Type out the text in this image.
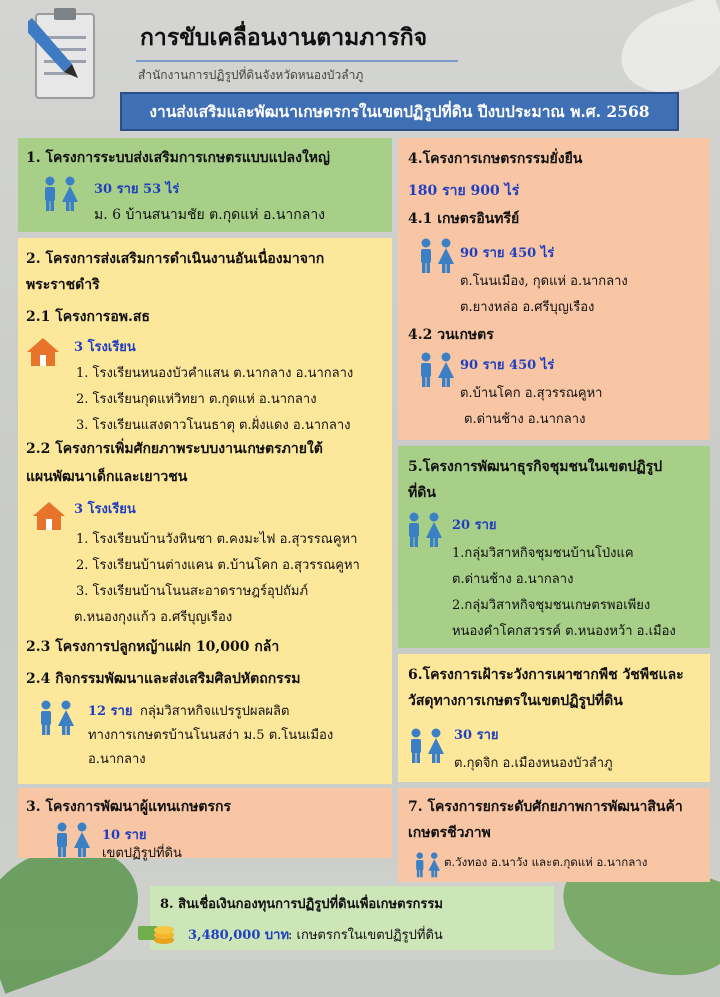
การขับเคลื่อนงานตามภารกิจ
สำนักงานการปฏิรูปที่ดินจังหวัดหนองบัวลำภู
งานส่งเสริมและพัฒนาเกษตรกรในเขตปฏิรูปที่ดิน ปีงบประมาณ พ.ศ. 2568
1. โครงการระบบส่งเสริมการเกษตรแบบแปลงใหญ่
30 ราย 53 ไร่
ม. 6 บ้านสนามชัย ต.กุดแห่ อ.นากลาง
2. โครงการส่งเสริมการดำเนินงานอันเนื่องมาจาก
พระราชดำริ
2.1 โครงการอพ.สธ
3 โรงเรียน
1. โรงเรียนหนองบัวคำแสน ต.นากลาง อ.นากลาง
2. โรงเรียนกุดแห่วิทยา ต.กุดแห่ อ.นากลาง
3. โรงเรียนแสงดาวโนนธาตุ ต.ฝั่งแดง อ.นากลาง
2.2 โครงการเพิ่มศักยภาพระบบงานเกษตรภายใต้
แผนพัฒนาเด็กและเยาวชน
3 โรงเรียน
1. โรงเรียนบ้านวังหินซา ต.คงมะไฟ อ.สุวรรณคูหา
2. โรงเรียนบ้านต่างแคน ต.บ้านโคก อ.สุวรรณคูหา
3. โรงเรียนบ้านโนนสะอาดราษฎร์อุปถัมภ์
ต.หนองกุงแก้ว อ.ศรีบุญเรือง
2.3 โครงการปลูกหญ้าแฝก 10,000 กล้า
2.4 กิจกรรมพัฒนาและส่งเสริมศิลปหัตถกรรม
12 ราย กลุ่มวิสาหกิจแปรรูปผลผลิต
ทางการเกษตรบ้านโนนสง่า ม.5 ต.โนนเมือง
อ.นากลาง
3. โครงการพัฒนาผู้แทนเกษตรกร
10 ราย
เขตปฏิรูปที่ดิน
4.โครงการเกษตรกรรมยั่งยืน
180 ราย 900 ไร่
4.1 เกษตรอินทรีย์
90 ราย 450 ไร่
ต.โนนเมือง, กุดแห่ อ.นากลาง
ต.ยางหล่อ อ.ศรีบุญเรือง
4.2 วนเกษตร
90 ราย 450 ไร่
ต.บ้านโคก อ.สุวรรณคูหา
ต.ด่านช้าง อ.นากลาง
5.โครงการพัฒนาธุรกิจชุมชนในเขตปฏิรูป
ที่ดิน
20 ราย
1.กลุ่มวิสาหกิจชุมชนบ้านโป่งแค
ต.ด่านช้าง อ.นากลาง
2.กลุ่มวิสาหกิจชุมชนเกษตรพอเพียง
หนองคำโคกสวรรค์ ต.หนองหว้า อ.เมือง
6.โครงการเฝ้าระวังการเผาซากพืช วัชพืชและ
วัสดุทางการเกษตรในเขตปฏิรูปที่ดิน
30 ราย
ต.กุดจิก อ.เมืองหนองบัวลำภู
7. โครงการยกระดับศักยภาพการพัฒนาสินค้า
เกษตรชีวภาพ
ต.วังทอง อ.นาวัง และต.กุดแห่ อ.นากลาง
8. สินเชื่อเงินกองทุนการปฏิรูปที่ดินเพื่อเกษตรกรรม
3,480,000 บาท
: เกษตรกรในเขตปฏิรูปที่ดิน
